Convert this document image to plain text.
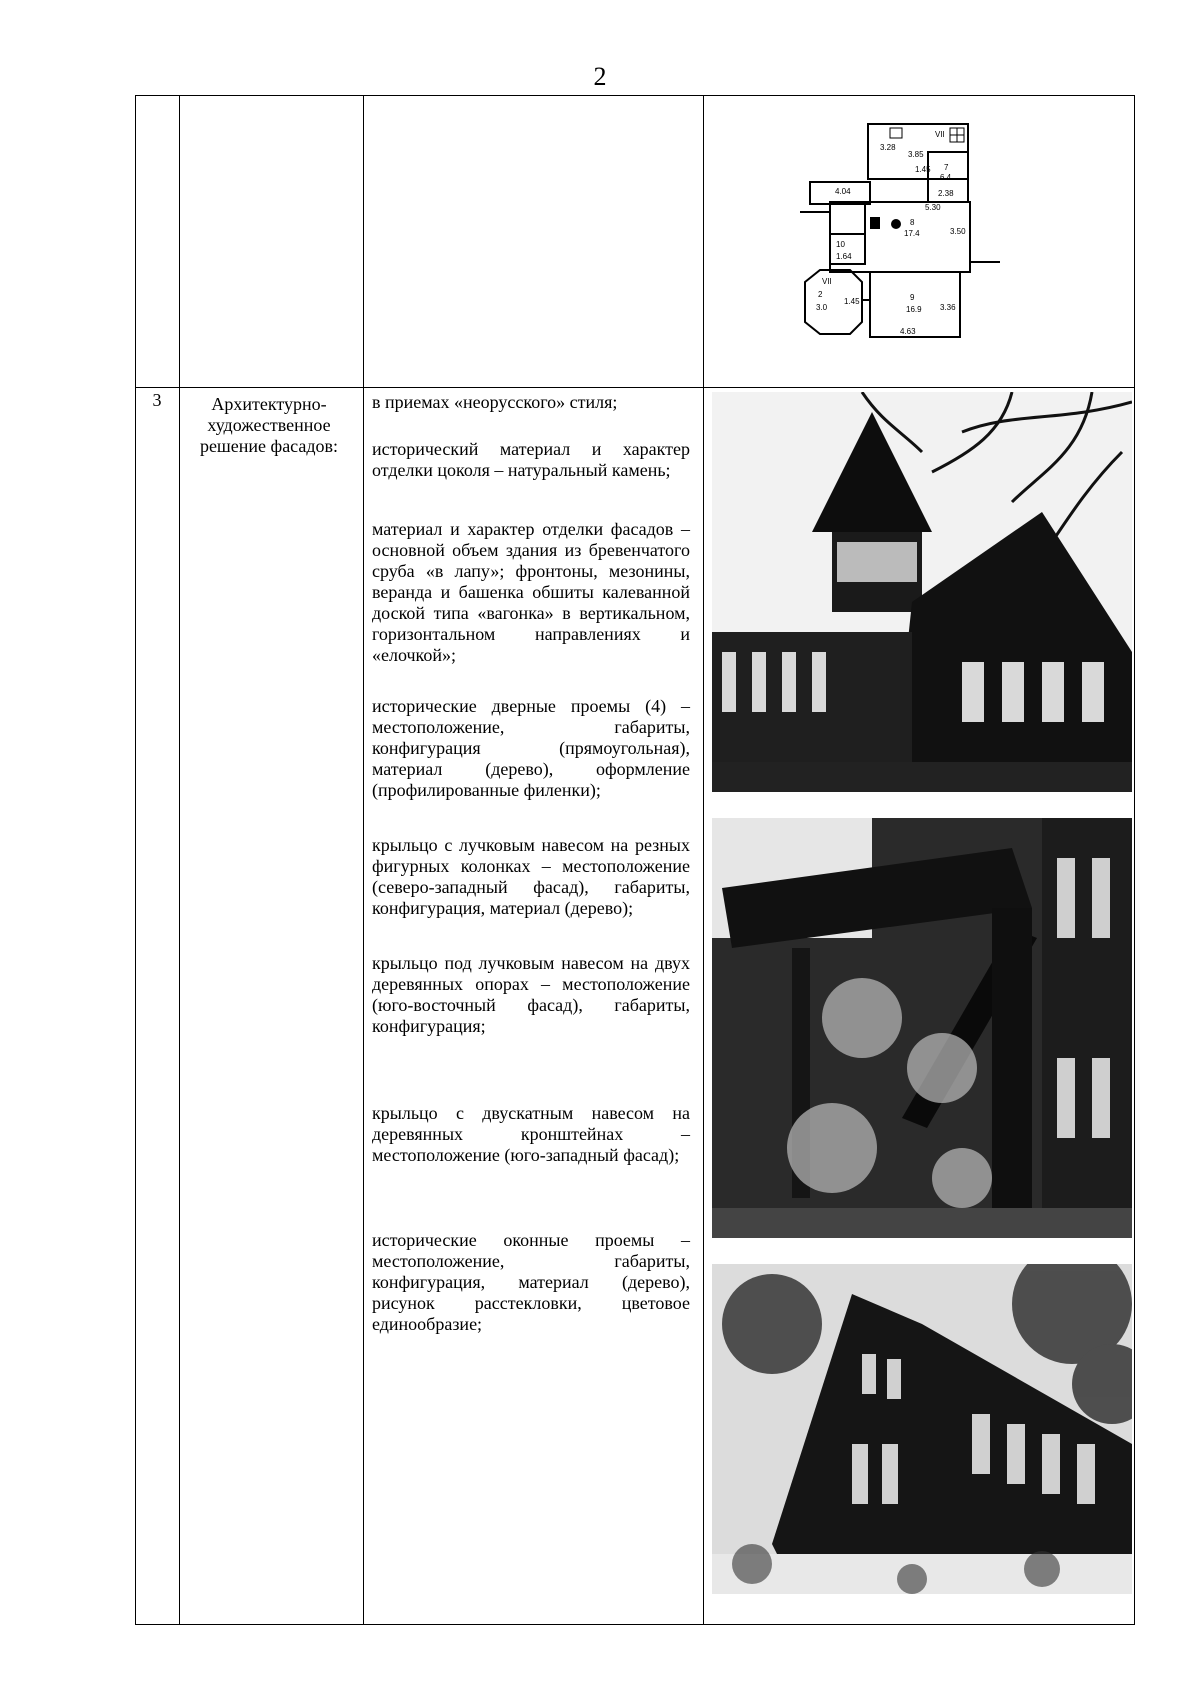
2
VII
3.28
3.85
1.45 7
6.4
2.38
4.04
5.30
8
17.4	3.50
10
1.64
2
3.0
1.45	9
16.9 3.36
4.63
VII
3	Архитектурно-
художественное
решение фасадов:

в приемах «неорусского» стиля;

исторический материал и характер отделки цоколя – натуральный камень;

материал и характер отделки фасадов – основной объем здания из бревенчатого сруба «в лапу»; фронтоны, мезонины, веранда и башенка обшиты калеванной доской типа «вагонка» в вертикальном, горизонтальном направлениях и «елочкой»;

исторические дверные проемы (4) – местоположение, габариты, конфигурация (прямоугольная), материал (дерево), оформление (профилированные филенки);

крыльцо с лучковым навесом на резных фигурных колонках – местоположение (северо-западный фасад), габариты, конфигурация, материал (дерево);

крыльцо под лучковым навесом на двух деревянных опорах – местоположение (юго-восточный фасад), габариты, конфигурация;

крыльцо с двускатным навесом на деревянных кронштейнах – местоположение (юго-западный фасад);

исторические оконные проемы – местоположение, габариты, конфигурация, материал (дерево), рисунок расстекловки, цветовое единообразие;
